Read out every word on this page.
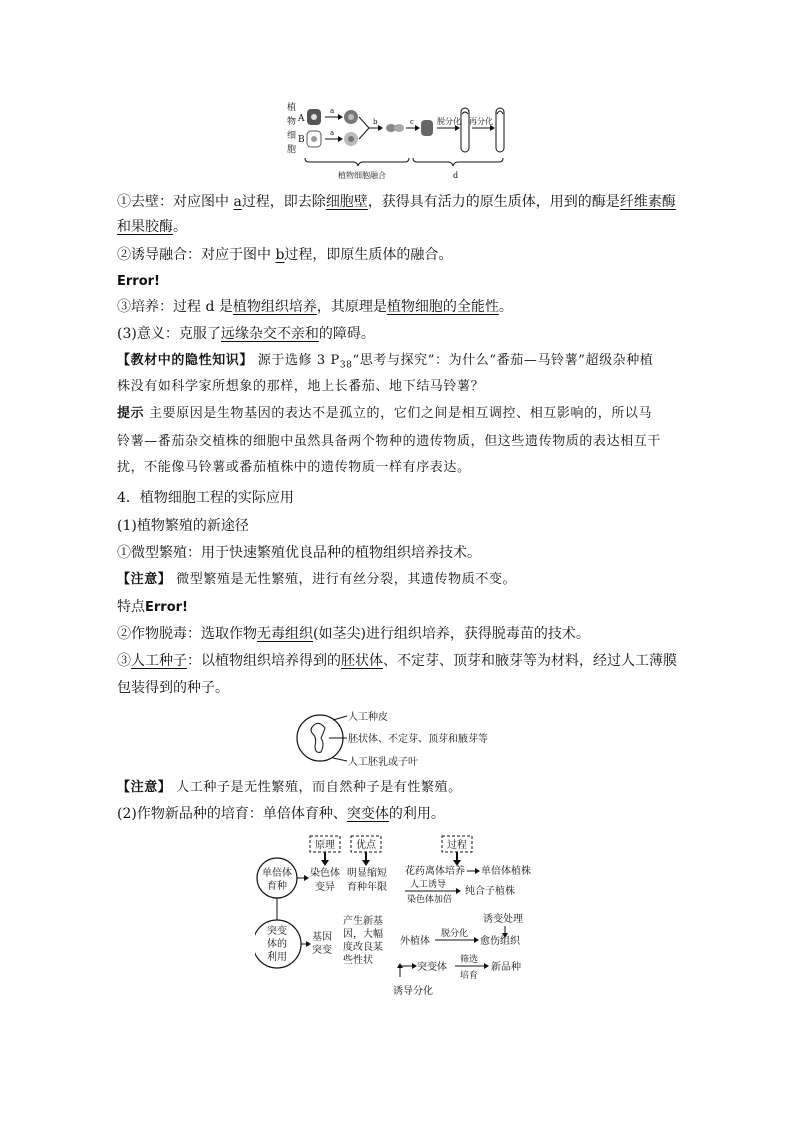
植
物
细
胞
A
B
a
a
b	c	脱分化 再分化
植物细胞融合	d
①去壁：对应图中 a过程，即去除细胞壁，获得具有活力的原生质体，用到的酶是纤维素酶
和果胶酶。
②诱导融合：对应于图中 b过程，即原生质体的融合。
Error!
③培养：过程 d 是植物组织培养，其原理是植物细胞的全能性。
(3)意义：克服了远缘杂交不亲和的障碍。
【教材中的隐性知识】 源于选修 3 $P_{38}“$思考与探究”：为什么“番茄—马铃薯”超级杂种植
株没有如科学家所想象的那样，地上长番茄、地下结马铃薯？
提示 主要原因是生物基因的表达不是孤立的，它们之间是相互调控、相互影响的，所以马
铃薯—番茄杂交植株的细胞中虽然具备两个物种的遗传物质，但这些遗传物质的表达相互干
扰，不能像马铃薯或番茄植株中的遗传物质一样有序表达。
4．植物细胞工程的实际应用
(1)植物繁殖的新途径
①微型繁殖：用于快速繁殖优良品种的植物组织培养技术。
【注意】 微型繁殖是无性繁殖，进行有丝分裂，其遗传物质不变。
特点Error!
②作物脱毒：选取作物无毒组织(如茎尖)进行组织培养，获得脱毒苗的技术。
③人工种子：以植物组织培养得到的胚状体、不定芽、顶芽和腋芽等为材料，经过人工薄膜
包装得到的种子。
人工种皮
胚状体、不定芽、顶芽和腋芽等
人工胚乳或子叶
【注意】 人工种子是无性繁殖，而自然种子是有性繁殖。
(2)作物新品种的培育：单倍体育种、突变体的利用。
原理 优点	过程
单倍体
育种
染色体
变异
明显缩短
育种年限
花药离体培养 单倍体植株
人工诱导
染色体加倍
纯合子植株
突变
体的
利用
基因
突变
产生新基
因，大幅
度改良某
些性状
诱变处理
外植体
脱分化
愈伤组织
突变体
筛选
培育
新品种
诱导分化
